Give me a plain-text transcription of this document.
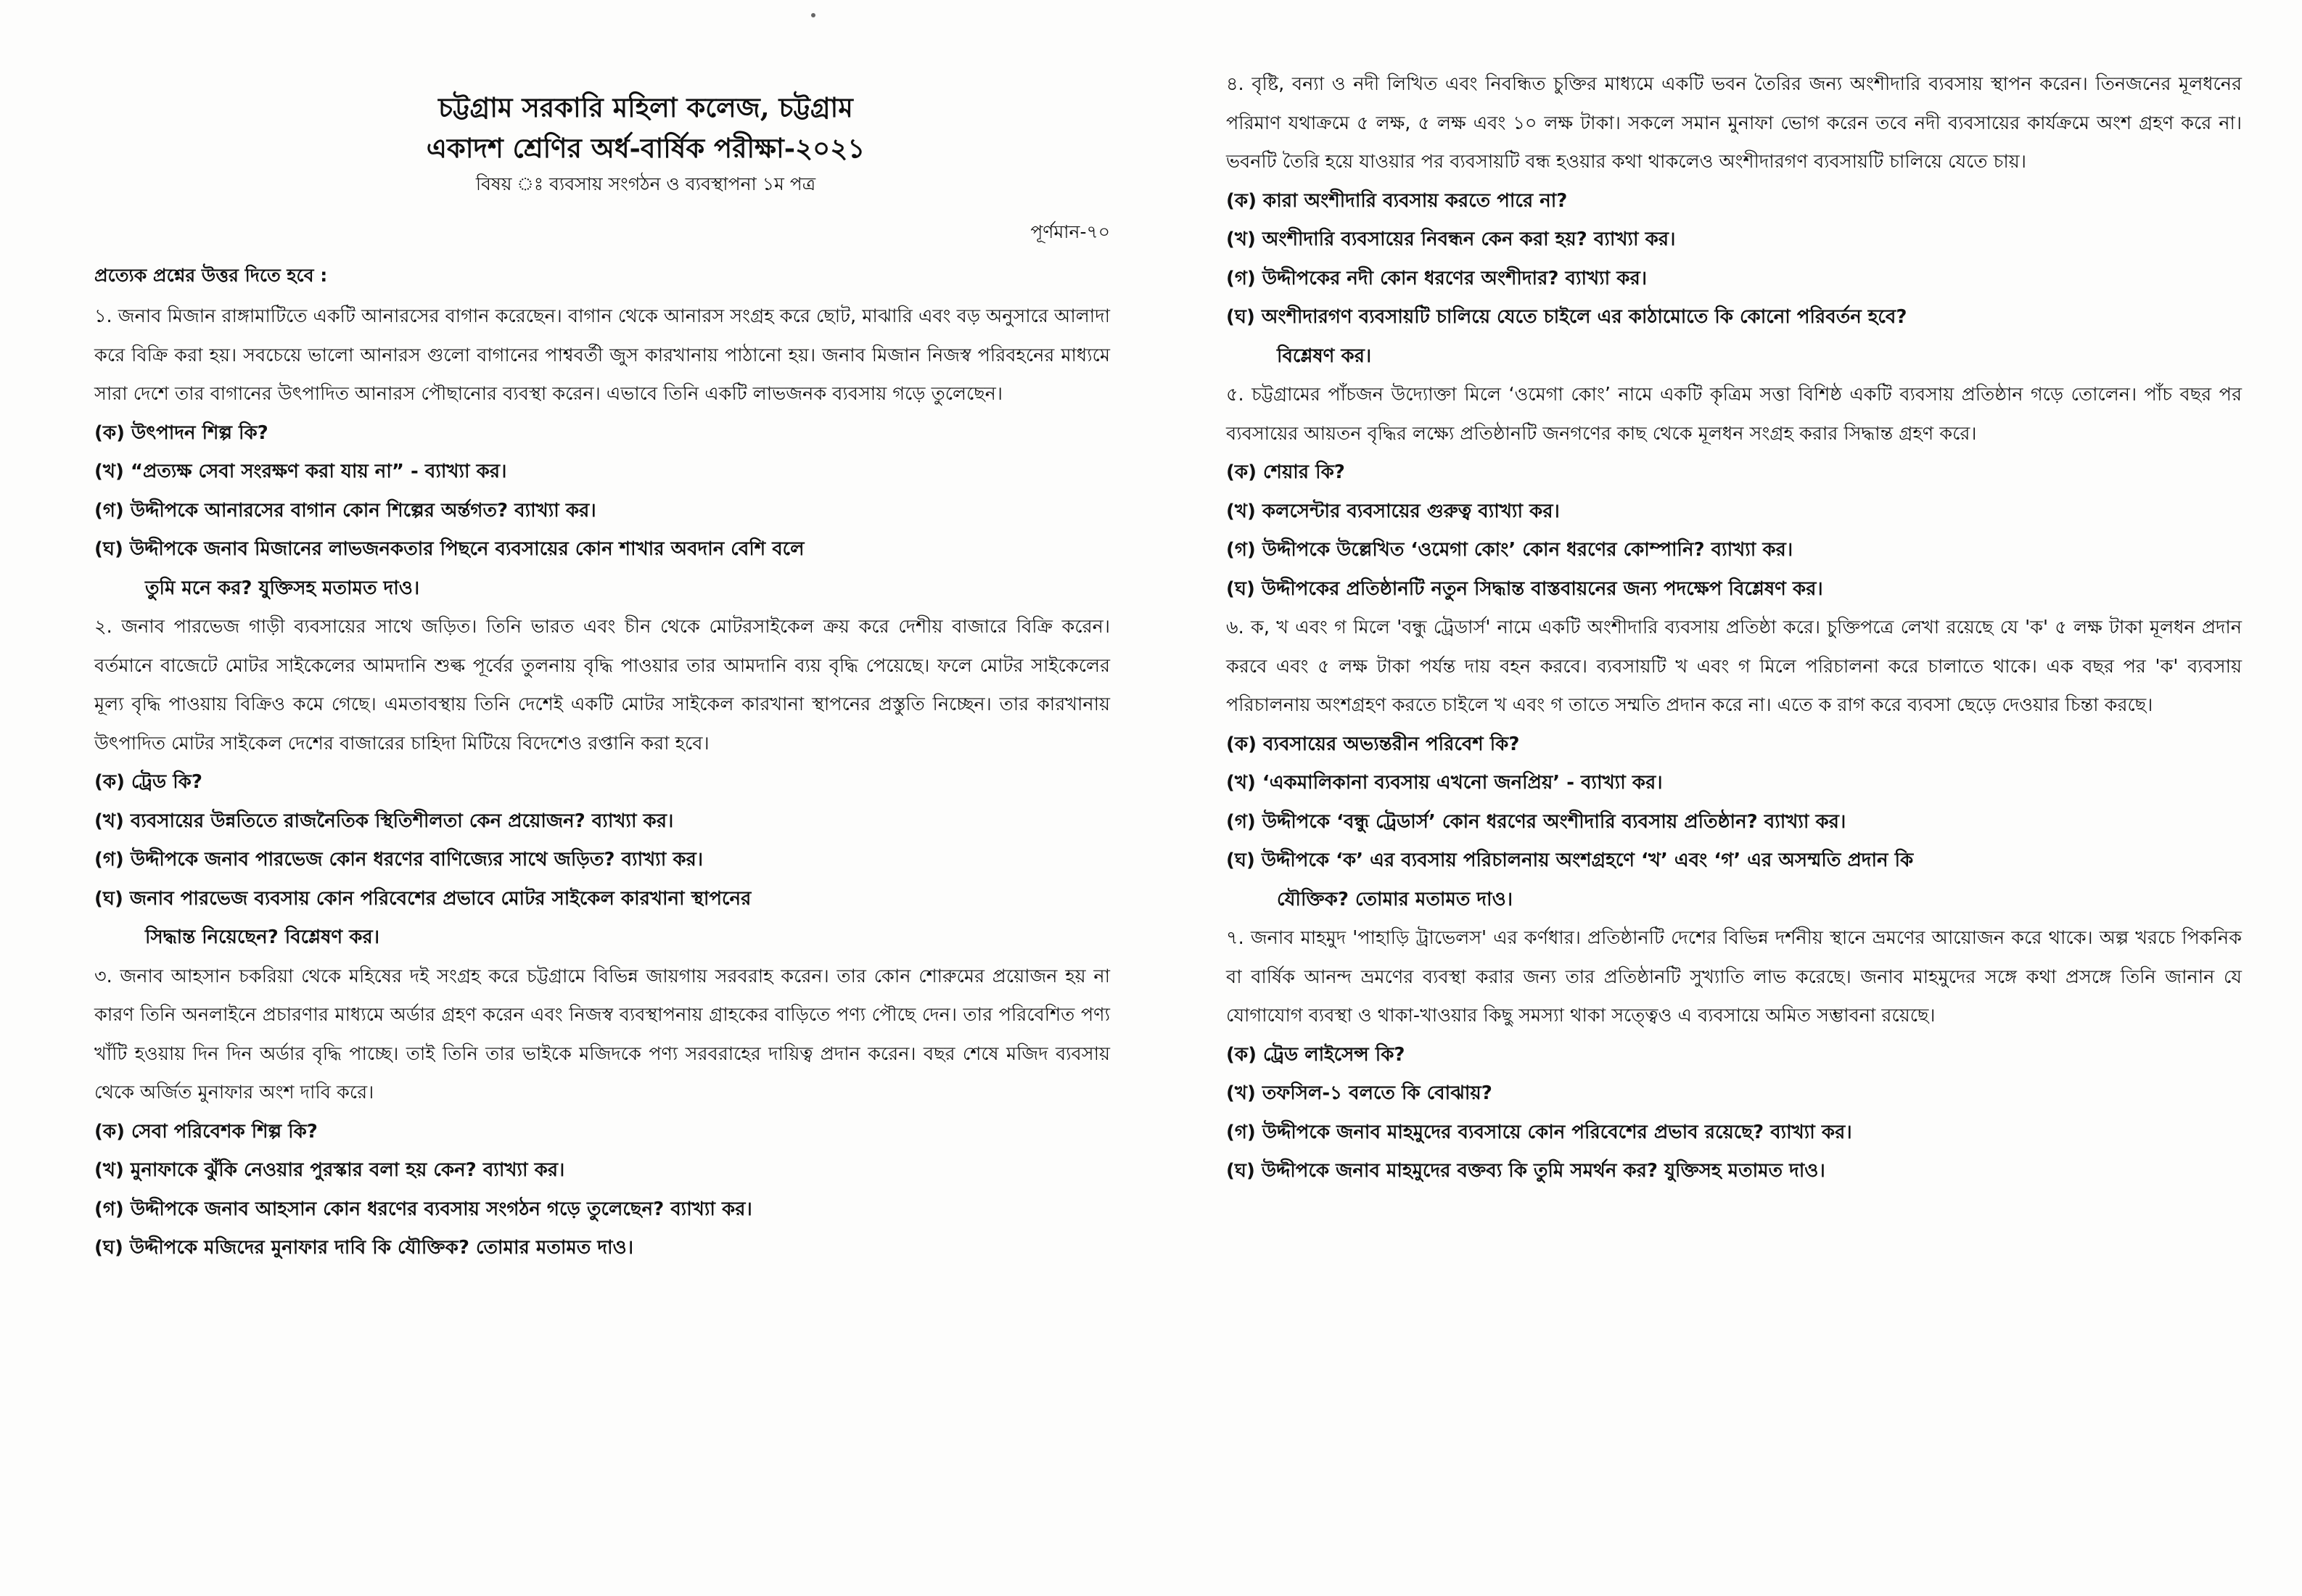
চট্টগ্রাম সরকারি মহিলা কলেজ, চট্টগ্রাম
একাদশ শ্রেণির অর্ধ-বার্ষিক পরীক্ষা-২০২১
বিষয় ঃ ব্যবসায় সংগঠন ও ব্যবস্থাপনা ১ম পত্র
পূর্ণমান-৭০
প্রত্যেক প্রশ্নের উত্তর দিতে হবে :

১. জনাব মিজান রাঙ্গামাটিতে একটি আনারসের বাগান করেছেন। বাগান থেকে আনারস সংগ্রহ করে ছোট, মাঝারি এবং বড় অনুসারে আলাদা করে বিক্রি করা হয়। সবচেয়ে ভালো আনারস গুলো বাগানের পাশ্ববর্তী জুস কারখানায় পাঠানো হয়। জনাব মিজান নিজস্ব পরিবহনের মাধ্যমে সারা দেশে তার বাগানের উৎপাদিত আনারস পৌছানোর ব্যবস্থা করেন। এভাবে তিনি একটি লাভজনক ব্যবসায় গড়ে তুলেছেন।

(ক) উৎপাদন শিল্প কি?

(খ) “প্রত্যক্ষ সেবা সংরক্ষণ করা যায় না” - ব্যাখ্যা কর।

(গ) উদ্দীপকে আনারসের বাগান কোন শিল্পের অর্ন্তগত? ব্যাখ্যা কর।

(ঘ) উদ্দীপকে জনাব মিজানের লাভজনকতার পিছনে ব্যবসায়ের কোন শাখার অবদান বেশি বলে
তুমি মনে কর? যুক্তিসহ মতামত দাও।

২. জনাব পারভেজ গাড়ী ব্যবসায়ের সাথে জড়িত। তিনি ভারত এবং চীন থেকে মোটরসাইকেল ক্রয় করে দেশীয় বাজারে বিক্রি করেন। বর্তমানে বাজেটে মোটর সাইকেলের আমদানি শুল্ক পূর্বের তুলনায় বৃদ্ধি পাওয়ার তার আমদানি ব্যয় বৃদ্ধি পেয়েছে। ফলে মোটর সাইকেলের মূল্য বৃদ্ধি পাওয়ায় বিক্রিও কমে গেছে। এমতাবস্থায় তিনি দেশেই একটি মোটর সাইকেল কারখানা স্থাপনের প্রস্তুতি নিচ্ছেন। তার কারখানায় উৎপাদিত মোটর সাইকেল দেশের বাজারের চাহিদা মিটিয়ে বিদেশেও রপ্তানি করা হবে।

(ক) ট্রেড কি?

(খ) ব্যবসায়ের উন্নতিতে রাজনৈতিক স্থিতিশীলতা কেন প্রয়োজন? ব্যাখ্যা কর।

(গ) উদ্দীপকে জনাব পারভেজ কোন ধরণের বাণিজ্যের সাথে জড়িত? ব্যাখ্যা কর।

(ঘ) জনাব পারভেজ ব্যবসায় কোন পরিবেশের প্রভাবে মোটর সাইকেল কারখানা স্থাপনের
সিদ্ধান্ত নিয়েছেন? বিশ্লেষণ কর।

৩. জনাব আহসান চকরিয়া থেকে মহিষের দই সংগ্রহ করে চট্টগ্রামে বিভিন্ন জায়গায় সরবরাহ করেন। তার কোন শোরুমের প্রয়োজন হয় না কারণ তিনি অনলাইনে প্রচারণার মাধ্যমে অর্ডার গ্রহণ করেন এবং নিজস্ব ব্যবস্থাপনায় গ্রাহকের বাড়িতে পণ্য পৌছে দেন। তার পরিবেশিত পণ্য খাঁটি হওয়ায় দিন দিন অর্ডার বৃদ্ধি পাচ্ছে। তাই তিনি তার ভাইকে মজিদকে পণ্য সরবরাহের দায়িত্ব প্রদান করেন। বছর শেষে মজিদ ব্যবসায় থেকে অর্জিত মুনাফার অংশ দাবি করে।

(ক) সেবা পরিবেশক শিল্প কি?

(খ) মুনাফাকে ঝুঁকি নেওয়ার পুরস্কার বলা হয় কেন? ব্যাখ্যা কর।

(গ) উদ্দীপকে জনাব আহসান কোন ধরণের ব্যবসায় সংগঠন গড়ে তুলেছেন? ব্যাখ্যা কর।

(ঘ) উদ্দীপকে মজিদের মুনাফার দাবি কি যৌক্তিক? তোমার মতামত দাও।

৪. বৃষ্টি, বন্যা ও নদী লিখিত এবং নিবন্ধিত চুক্তির মাধ্যমে একটি ভবন তৈরির জন্য অংশীদারি ব্যবসায় স্থাপন করেন। তিনজনের মূলধনের পরিমাণ যথাক্রমে ৫ লক্ষ, ৫ লক্ষ এবং ১০ লক্ষ টাকা। সকলে সমান মুনাফা ভোগ করেন তবে নদী ব্যবসায়ের কার্যক্রমে অংশ গ্রহণ করে না। ভবনটি তৈরি হয়ে যাওয়ার পর ব্যবসায়টি বন্ধ হওয়ার কথা থাকলেও অংশীদারগণ ব্যবসায়টি চালিয়ে যেতে চায়।

(ক) কারা অংশীদারি ব্যবসায় করতে পারে না?

(খ) অংশীদারি ব্যবসায়ের নিবন্ধন কেন করা হয়? ব্যাখ্যা কর।

(গ) উদ্দীপকের নদী কোন ধরণের অংশীদার? ব্যাখ্যা কর।

(ঘ) অংশীদারগণ ব্যবসায়টি চালিয়ে যেতে চাইলে এর কাঠামোতে কি কোনো পরিবর্তন হবে?
বিশ্লেষণ কর।

৫. চট্টগ্রামের পাঁচজন উদ্যোক্তা মিলে ‘ওমেগা কোং’ নামে একটি কৃত্রিম সত্তা বিশিষ্ঠ একটি ব্যবসায় প্রতিষ্ঠান গড়ে তোলেন। পাঁচ বছর পর ব্যবসায়ের আয়তন বৃদ্ধির লক্ষ্যে প্রতিষ্ঠানটি জনগণের কাছ থেকে মূলধন সংগ্রহ করার সিদ্ধান্ত গ্রহণ করে।

(ক) শেয়ার কি?

(খ) কলসেন্টার ব্যবসায়ের গুরুত্ব ব্যাখ্যা কর।

(গ) উদ্দীপকে উল্লেখিত ‘ওমেগা কোং’ কোন ধরণের কোম্পানি? ব্যাখ্যা কর।

(ঘ) উদ্দীপকের প্রতিষ্ঠানটি নতুন সিদ্ধান্ত বাস্তবায়নের জন্য পদক্ষেপ বিশ্লেষণ কর।

৬. ক, খ এবং গ মিলে 'বন্ধু ট্রেডার্স' নামে একটি অংশীদারি ব্যবসায় প্রতিষ্ঠা করে। চুক্তিপত্রে লেখা রয়েছে যে 'ক' ৫ লক্ষ টাকা মূলধন প্রদান করবে এবং ৫ লক্ষ টাকা পর্যন্ত দায় বহন করবে। ব্যবসায়টি খ এবং গ মিলে পরিচালনা করে চালাতে থাকে। এক বছর পর 'ক' ব্যবসায় পরিচালনায় অংশগ্রহণ করতে চাইলে খ এবং গ তাতে সম্মতি প্রদান করে না। এতে ক রাগ করে ব্যবসা ছেড়ে দেওয়ার চিন্তা করছে।

(ক) ব্যবসায়ের অভ্যন্তরীন পরিবেশ কি?

(খ) ‘একমালিকানা ব্যবসায় এখনো জনপ্রিয়’ - ব্যাখ্যা কর।

(গ) উদ্দীপকে ‘বন্ধু ট্রেডার্স’ কোন ধরণের অংশীদারি ব্যবসায় প্রতিষ্ঠান? ব্যাখ্যা কর।

(ঘ) উদ্দীপকে ‘ক’ এর ব্যবসায় পরিচালনায় অংশগ্রহণে ‘খ’ এবং ‘গ’ এর অসম্মতি প্রদান কি
যৌক্তিক? তোমার মতামত দাও।

৭. জনাব মাহমুদ 'পাহাড়ি ট্রাভেলস' এর কর্ণধার। প্রতিষ্ঠানটি দেশের বিভিন্ন দর্শনীয় স্থানে ভ্রমণের আয়োজন করে থাকে। অল্প খরচে পিকনিক বা বার্ষিক আনন্দ ভ্রমণের ব্যবস্থা করার জন্য তার প্রতিষ্ঠানটি সুখ্যাতি লাভ করেছে। জনাব মাহমুদের সঙ্গে কথা প্রসঙ্গে তিনি জানান যে যোগাযোগ ব্যবস্থা ও থাকা-খাওয়ার কিছু সমস্যা থাকা সত্ত্বেও এ ব্যবসায়ে অমিত সম্ভাবনা রয়েছে।

(ক) ট্রেড লাইসেন্স কি?

(খ) তফসিল-১ বলতে কি বোঝায়?

(গ) উদ্দীপকে জনাব মাহমুদের ব্যবসায়ে কোন পরিবেশের প্রভাব রয়েছে? ব্যাখ্যা কর।

(ঘ) উদ্দীপকে জনাব মাহমুদের বক্তব্য কি তুমি সমর্থন কর? যুক্তিসহ মতামত দাও।
